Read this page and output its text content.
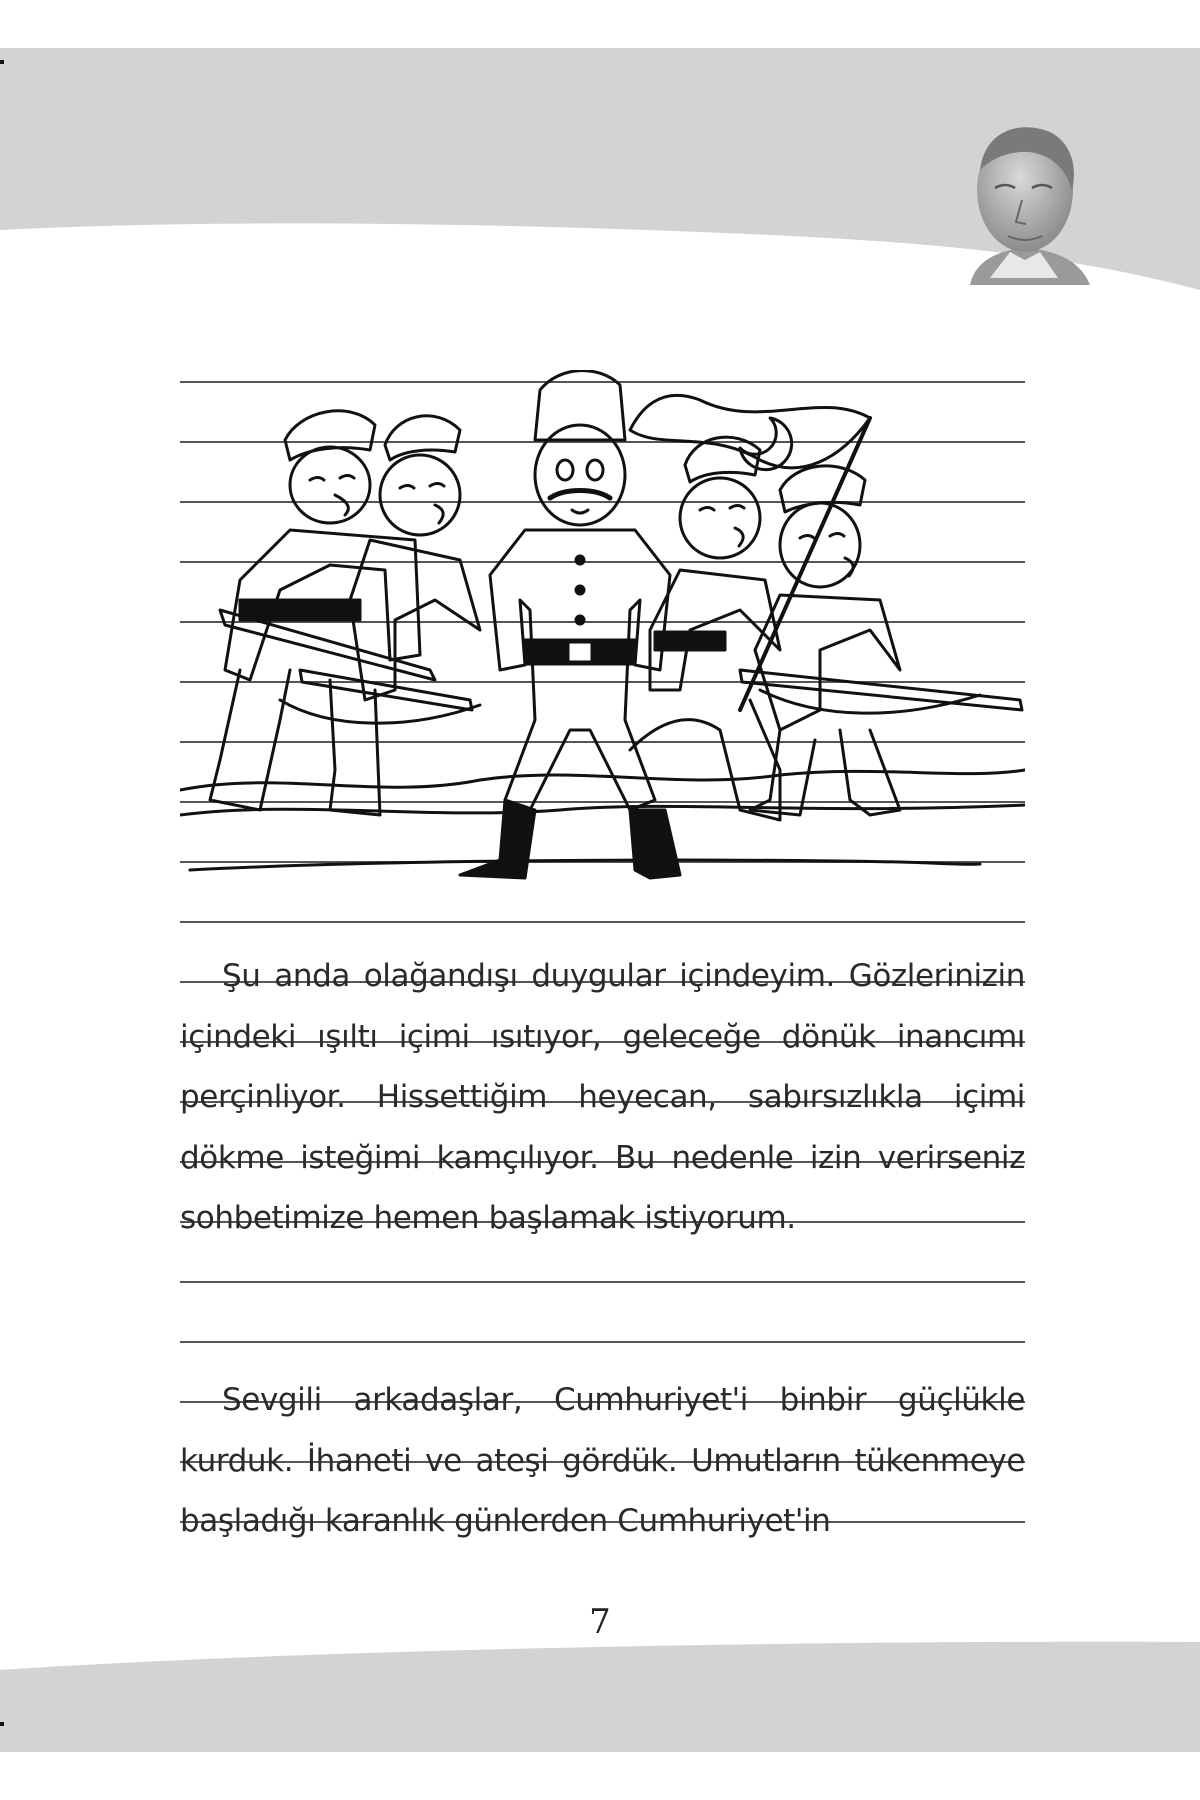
Şu anda olağandışı duygular içindeyim. Gözlerinizin içindeki ışıltı içimi ısıtıyor, geleceğe dönük inancımı perçinliyor. Hissettiğim heyecan, sabırsızlıkla içimi dökme isteğimi kamçılıyor. Bu nedenle izin verirseniz sohbetimize hemen başlamak istiyorum.

Sevgili arkadaşlar, Cumhuriyet'i binbir güçlükle kurduk. İhaneti ve ateşi gördük. Umutların tükenmeye başladığı karanlık günlerden Cumhuriyet'in

7
